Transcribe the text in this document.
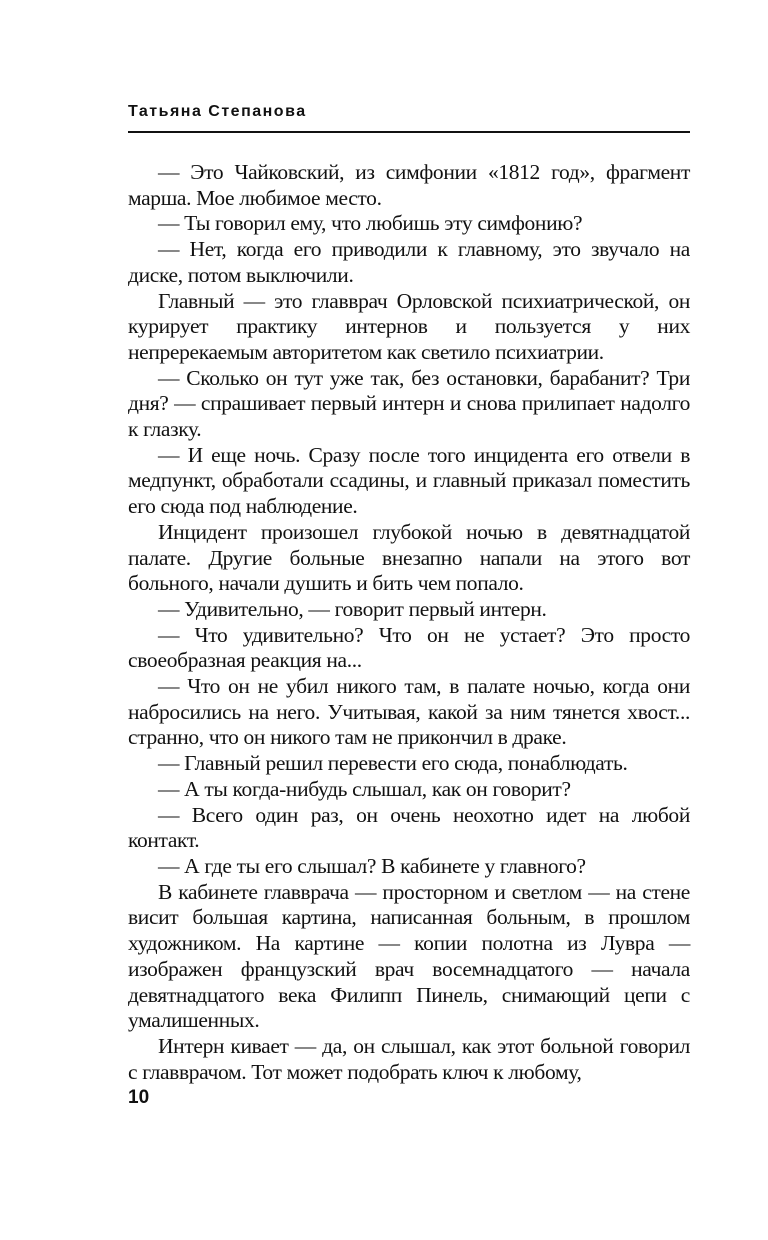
Татьяна Степанова

— Это Чайковский, из симфонии «1812 год», фрагмент марша. Мое любимое место.

— Ты говорил ему, что любишь эту симфонию?

— Нет, когда его приводили к главному, это звучало на диске, потом выключили.

Главный — это главврач Орловской психиатрической, он курирует практику интернов и пользуется у них непререкаемым авторитетом как светило психиатрии.

— Сколько он тут уже так, без остановки, барабанит? Три дня? — спрашивает первый интерн и снова прилипает надолго к глазку.

— И еще ночь. Сразу после того инцидента его отвели в медпункт, обработали ссадины, и главный приказал поместить его сюда под наблюдение.

Инцидент произошел глубокой ночью в девятнадцатой палате. Другие больные внезапно напали на этого вот больного, начали душить и бить чем попало.

— Удивительно, — говорит первый интерн.

— Что удивительно? Что он не устает? Это просто своеобразная реакция на...

— Что он не убил никого там, в палате ночью, когда они набросились на него. Учитывая, какой за ним тянется хвост... странно, что он никого там не прикончил в драке.

— Главный решил перевести его сюда, понаблюдать.

— А ты когда-нибудь слышал, как он говорит?

— Всего один раз, он очень неохотно идет на любой контакт.

— А где ты его слышал? В кабинете у главного?

В кабинете главврача — просторном и светлом — на стене висит большая картина, написанная больным, в прошлом художником. На картине — копии полотна из Лувра — изображен французский врач восемнадцатого — начала девятнадцатого века Филипп Пинель, снимающий цепи с умалишенных.

Интерн кивает — да, он слышал, как этот больной говорил с главврачом. Тот может подобрать ключ к любому,

10
